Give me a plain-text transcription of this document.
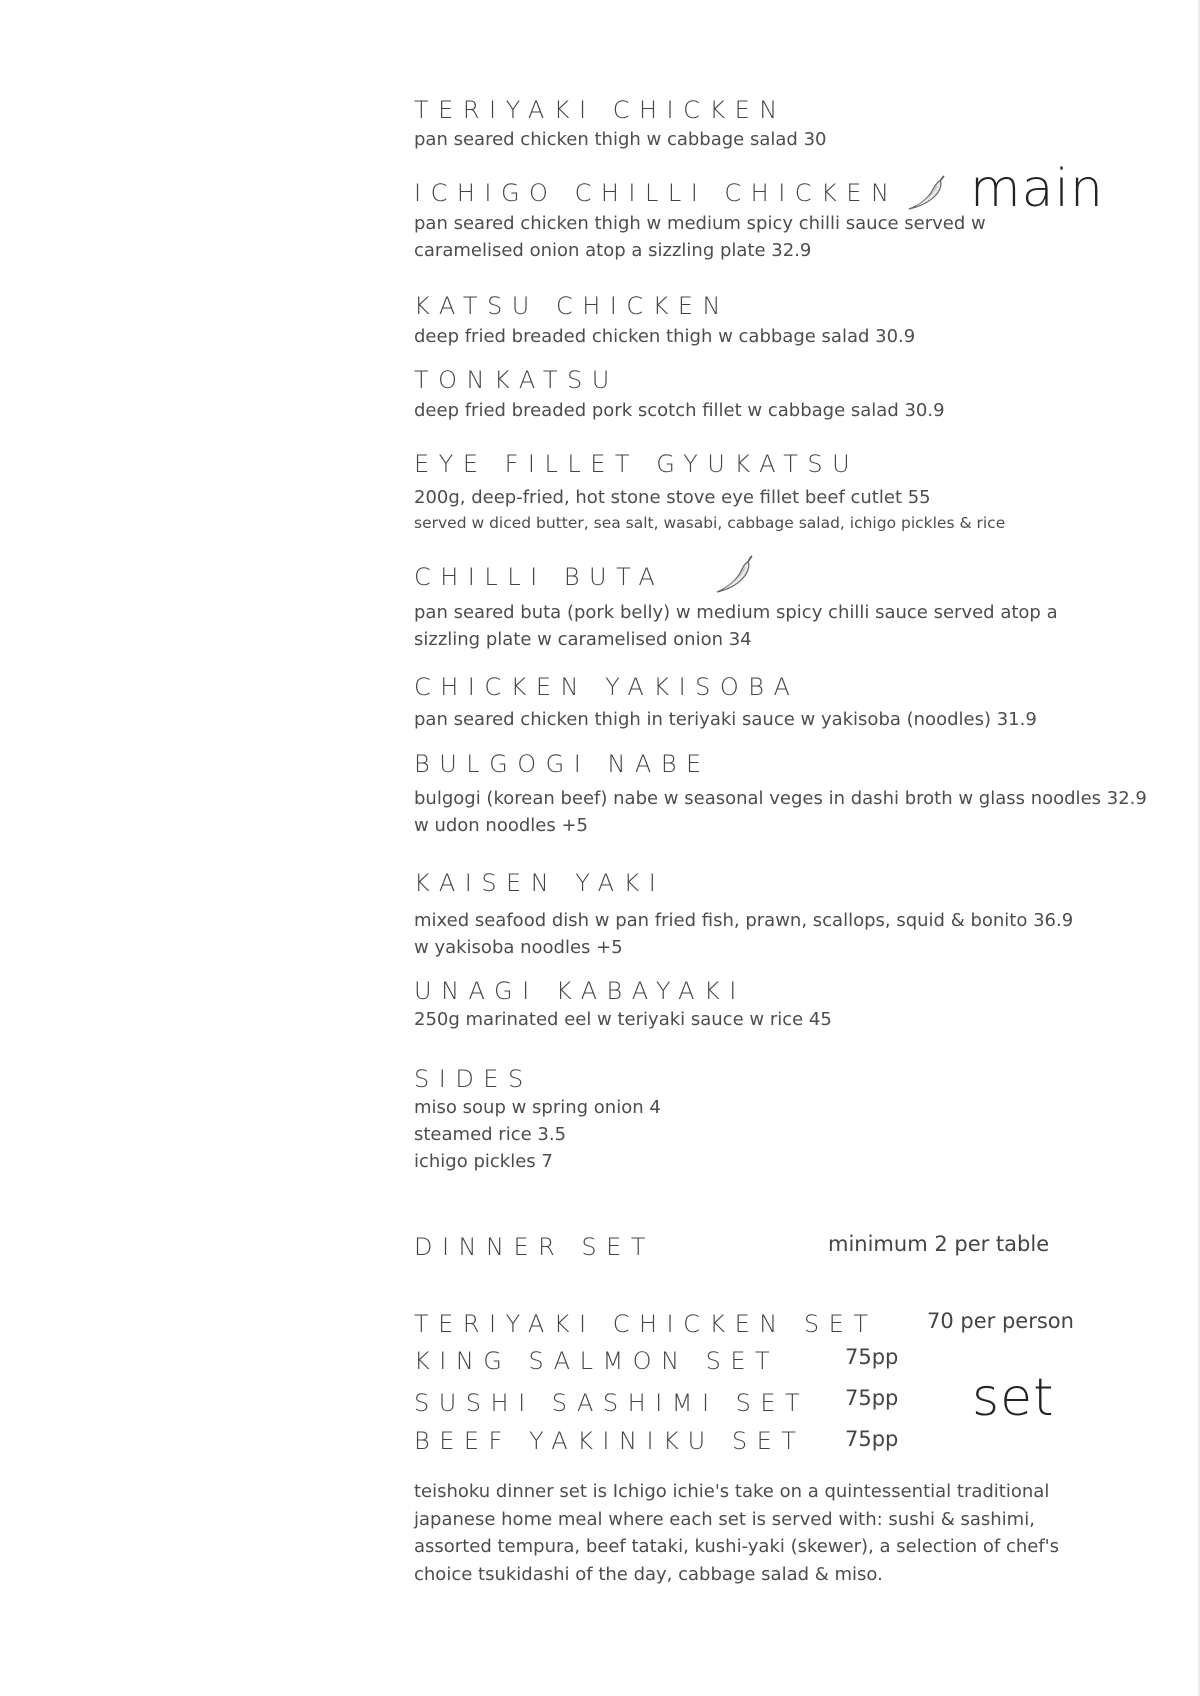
TERIYAKI CHICKEN
pan seared chicken thigh w cabbage salad 30
ICHIGO CHILLI CHICKEN main
pan seared chicken thigh w medium spicy chilli sauce served w
caramelised onion atop a sizzling plate 32.9
KATSU CHICKEN
deep fried breaded chicken thigh w cabbage salad 30.9
TONKATSU
deep fried breaded pork scotch fillet w cabbage salad 30.9
EYE FILLET GYUKATSU
200g, deep-fried, hot stone stove eye fillet beef cutlet 55
served w diced butter, sea salt, wasabi, cabbage salad, ichigo pickles & rice
CHILLI BUTA
pan seared buta (pork belly) w medium spicy chilli sauce served atop a
sizzling plate w caramelised onion 34
CHICKEN YAKISOBA
pan seared chicken thigh in teriyaki sauce w yakisoba (noodles) 31.9
BULGOGI NABE
bulgogi (korean beef) nabe w seasonal veges in dashi broth w glass noodles 32.9
w udon noodles +5
KAISEN YAKI
mixed seafood dish w pan fried fish, prawn, scallops, squid & bonito 36.9
w yakisoba noodles +5
UNAGI KABAYAKI
250g marinated eel w teriyaki sauce w rice 45
SIDES
miso soup w spring onion 4
steamed rice 3.5
ichigo pickles 7
DINNER SET	minimum 2 per table
TERIYAKI CHICKEN SET 70 per person
KING SALMON SET	75pp
SUSHI SASHIMI SET 75pp set
BEEF YAKINIKU SET 75pp
teishoku dinner set is Ichigo ichie's take on a quintessential traditional japanese home meal where each set is served with: sushi & sashimi, assorted tempura, beef tataki, kushi-yaki (skewer), a selection of chef's choice tsukidashi of the day, cabbage salad & miso.
